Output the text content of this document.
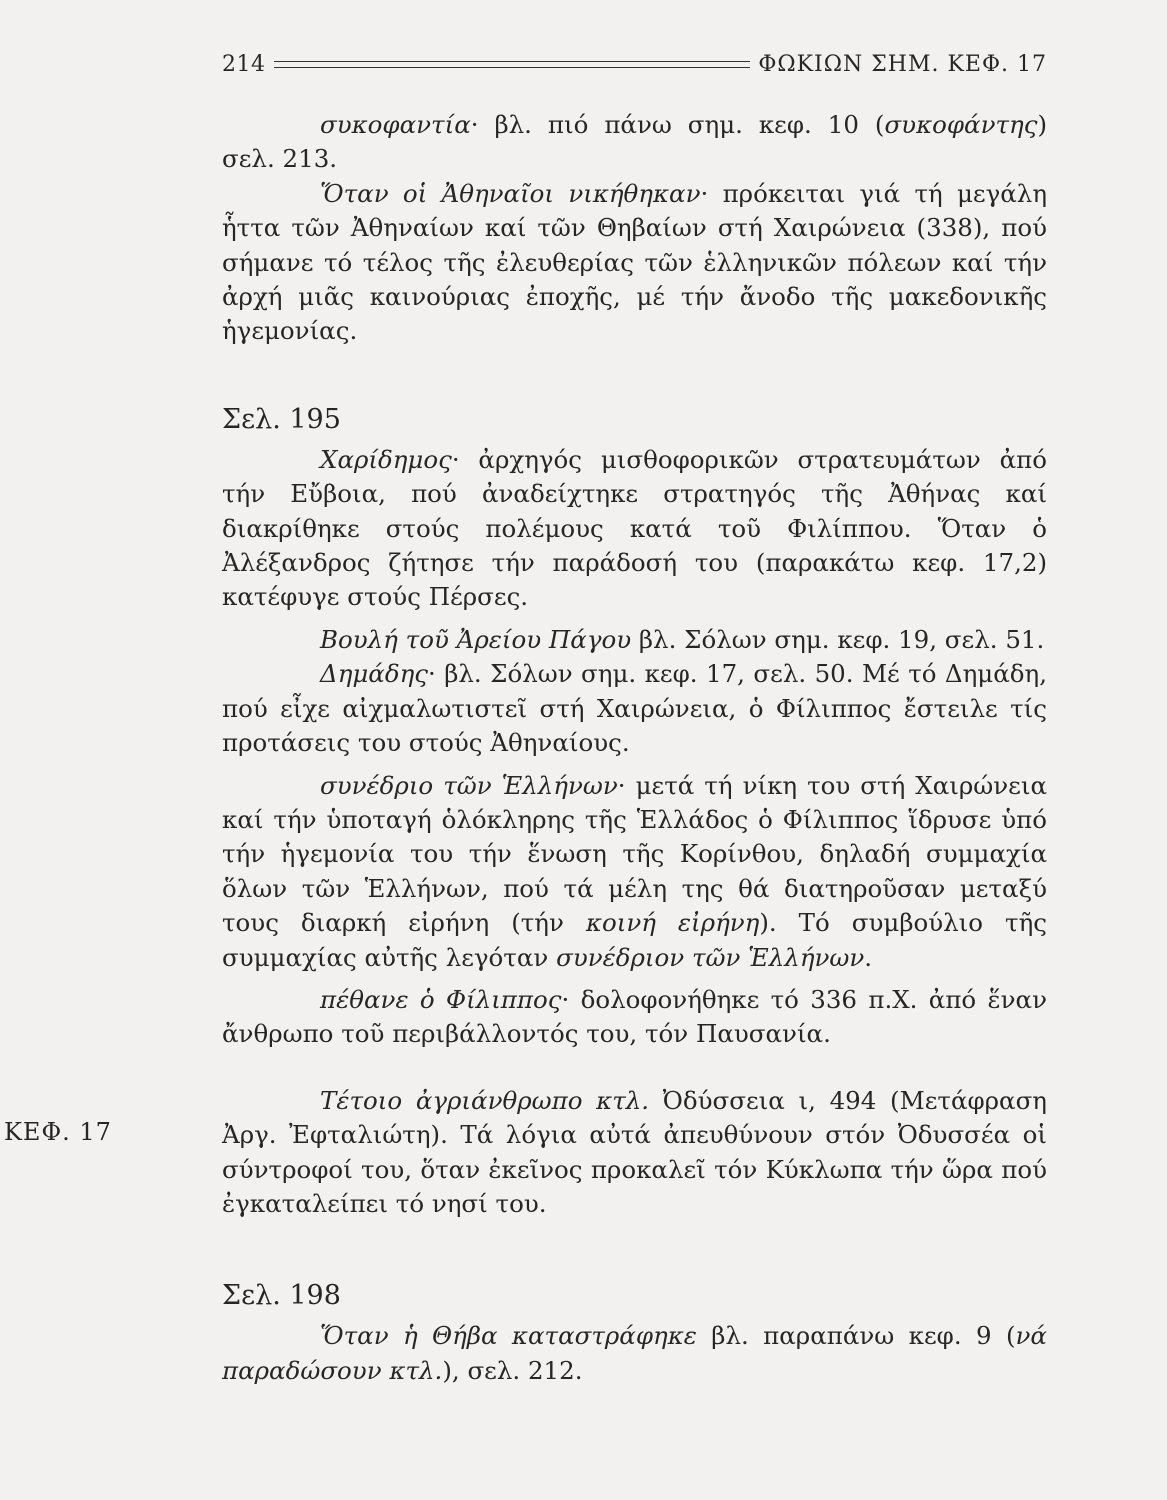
214	ΦΩΚΙΩΝ ΣΗΜ. ΚΕΦ. 17
ΚΕΦ. 17

συκοφαντία· βλ. πιό πάνω σημ. κεφ. 10 (συκοφάντης) σελ. 213.

Ὅταν οἱ Ἀθηναῖοι νικήθηκαν· πρόκειται γιά τή μεγάλη ἧττα τῶν Ἀθηναίων καί τῶν Θηβαίων στή Χαιρώνεια (338), πού σήμανε τό τέλος τῆς ἐλευθερίας τῶν ἑλληνικῶν πόλεων καί τήν ἀρχή μιᾶς καινούριας ἐποχῆς, μέ τήν ἄνοδο τῆς μακεδονικῆς ἡγεμονίας.

Σελ. 195

Χαρίδημος· ἀρχηγός μισθοφορικῶν στρατευμάτων ἀπό τήν Εὔβοια, πού ἀναδείχτηκε στρατηγός τῆς Ἀθήνας καί διακρίθηκε στούς πολέμους κατά τοῦ Φιλίππου. Ὅταν ὁ Ἀλέξανδρος ζήτησε τήν παράδοσή του (παρακάτω κεφ. 17,2) κατέφυγε στούς Πέρσες.

Βουλή τοῦ Ἀρείου Πάγου βλ. Σόλων σημ. κεφ. 19, σελ. 51.

Δημάδης· βλ. Σόλων σημ. κεφ. 17, σελ. 50. Μέ τό Δημάδη, πού εἶχε αἰχμαλωτιστεῖ στή Χαιρώνεια, ὁ Φίλιππος ἔστειλε τίς προτάσεις του στούς Ἀθηναίους.

συνέδριο τῶν Ἑλλήνων· μετά τή νίκη του στή Χαιρώνεια καί τήν ὑποταγή ὁλόκληρης τῆς Ἑλλάδος ὁ Φίλιππος ἵδρυσε ὑπό τήν ἡγεμονία του τήν ἕνωση τῆς Κορίνθου, δηλαδή συμμαχία ὅλων τῶν Ἑλλήνων, πού τά μέλη της θά διατηροῦσαν μεταξύ τους διαρκή εἰρήνη (τήν κοινή εἰρήνη). Τό συμβούλιο τῆς συμμαχίας αὐτῆς λεγόταν συνέδριον τῶν Ἑλλήνων.

πέθανε ὁ Φίλιππος· δολοφονήθηκε τό 336 π.Χ. ἀπό ἕναν ἄνθρωπο τοῦ περιβάλλοντός του, τόν Παυσανία.

Τέτοιο ἀγριάνθρωπο κτλ. Ὀδύσσεια ι, 494 (Μετάφραση Ἀργ. Ἐφταλιώτη). Τά λόγια αὐτά ἀπευθύνουν στόν Ὀδυσσέα οἱ σύντροφοί του, ὅταν ἐκεῖνος προκαλεῖ τόν Κύκλωπα τήν ὥρα πού ἐγκαταλείπει τό νησί του.

Σελ. 198

Ὅταν ἡ Θήβα καταστράφηκε βλ. παραπάνω κεφ. 9 (νά παραδώσουν κτλ.), σελ. 212.
